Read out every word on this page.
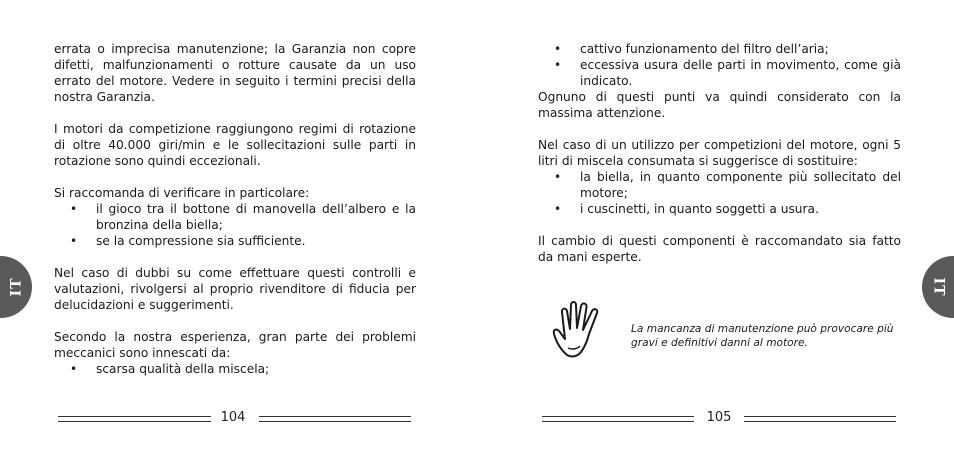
errata o imprecisa manutenzione; la Garanzia non copre difetti, malfunzionamenti o rotture causate da un uso errato del motore. Vedere in seguito i termini precisi della nostra Garanzia.

I motori da competizione raggiungono regimi di rotazione di oltre 40.000 giri/min e le sollecitazioni sulle parti in rotazione sono quindi eccezionali.

Si raccomanda di verificare in particolare:

• il gioco tra il bottone di manovella dell’albero e la bronzina della biella;
• se la compressione sia sufficiente.

Nel caso di dubbi su come effettuare questi controlli e valutazioni, rivolgersi al proprio rivenditore di fiducia per delucidazioni e suggerimenti.

Secondo la nostra esperienza, gran parte dei problemi meccanici sono innescati da:

• scarsa qualità della miscela;
IT
104
• cattivo funzionamento del filtro dell’aria;
• eccessiva usura delle parti in movimento, come già indicato.

Ognuno di questi punti va quindi considerato con la massima attenzione.

Nel caso di un utilizzo per competizioni del motore, ogni 5 litri di miscela consumata si suggerisce di sostituire:

• la biella, in quanto componente più sollecitato del motore;
• i cuscinetti, in quanto soggetti a usura.

Il cambio di questi componenti è raccomandato sia fatto da mani esperte.

La mancanza di manutenzione può provocare più gravi e definitivi danni al motore.

IT
105
